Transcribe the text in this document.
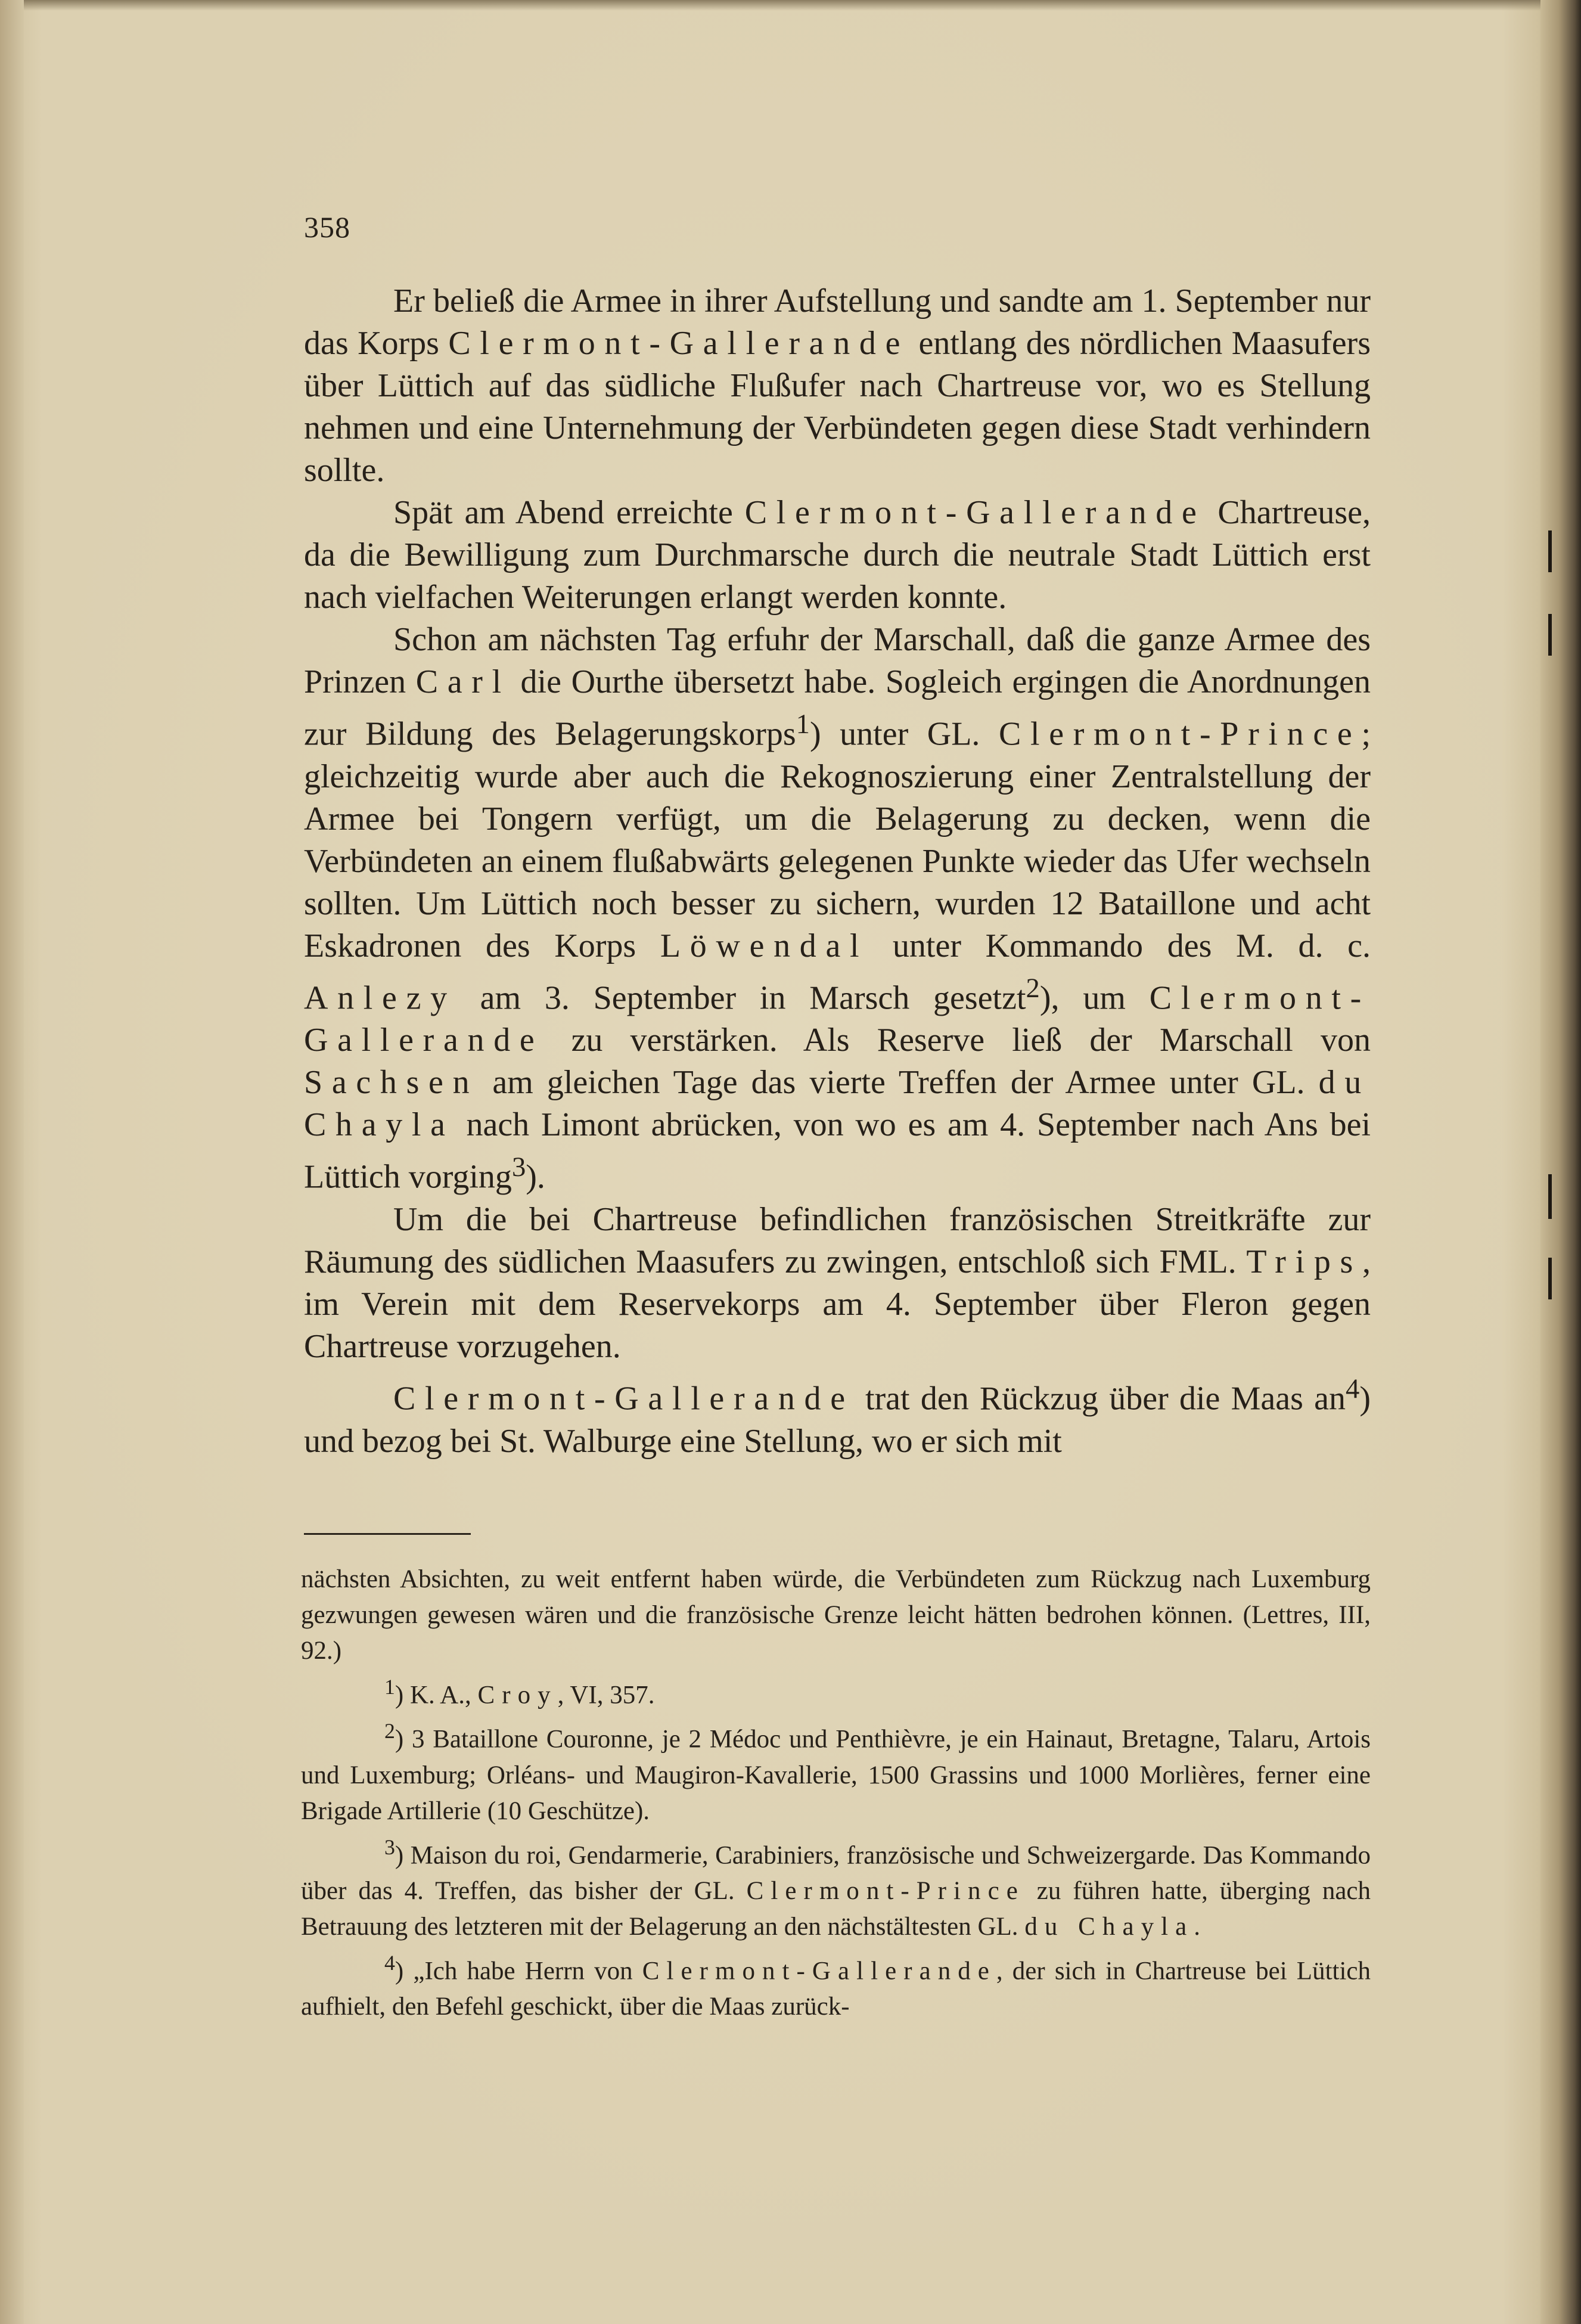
358

Er beließ die Armee in ihrer Aufstellung und sandte am 1. September nur das Korps Clermont-Gallerande entlang des nördlichen Maasufers über Lüttich auf das südliche Flußufer nach Chartreuse vor, wo es Stellung nehmen und eine Unternehmung der Verbündeten gegen diese Stadt verhindern sollte.

Spät am Abend erreichte Clermont-Gallerande Chartreuse, da die Bewilligung zum Durchmarsche durch die neutrale Stadt Lüttich erst nach vielfachen Weiterungen erlangt werden konnte.

Schon am nächsten Tag erfuhr der Marschall, daß die ganze Armee des Prinzen Carl die Ourthe übersetzt habe. Sogleich ergingen die Anordnungen zur Bildung des Belagerungskorps$^1$) unter GL. Clermont-Prince; gleichzeitig wurde aber auch die Rekognoszierung einer Zentralstellung der Armee bei Tongern verfügt, um die Belagerung zu decken, wenn die Verbündeten an einem flußabwärts gelegenen Punkte wieder das Ufer wechseln sollten. Um Lüttich noch besser zu sichern, wurden 12 Bataillone und acht Eskadronen des Korps Löwendal unter Kommando des M. d. c. Anlezy am 3. September in Marsch gesetzt$^2$), um Clermont-Gallerande zu verstärken. Als Reserve ließ der Marschall von Sachsen am gleichen Tage das vierte Treffen der Armee unter GL. du Chayla nach Limont abrücken, von wo es am 4. September nach Ans bei Lüttich vorging$^3$).

Um die bei Chartreuse befindlichen französischen Streitkräfte zur Räumung des südlichen Maasufers zu zwingen, entschloß sich FML. Trips, im Verein mit dem Reservekorps am 4. September über Fleron gegen Chartreuse vorzugehen.

Clermont-Gallerande trat den Rückzug über die Maas $an^4$) und bezog bei St. Walburge eine Stellung, wo er sich mit

nächsten Absichten, zu weit entfernt haben würde, die Verbündeten zum Rückzug nach Luxemburg gezwungen gewesen wären und die französische Grenze leicht hätten bedrohen können. (Lettres, III, 92.)

$^1$) K. A., Croy, VI, 357.

$^2$) 3 Bataillone Couronne, je 2 Médoc und Penthièvre, je ein Hainaut, Bretagne, Talaru, Artois und Luxemburg; Orléans- und Maugiron-Kavallerie, 1500 Grassins und 1000 Morlières, ferner eine Brigade Artillerie (10 Geschütze).

$^3$) Maison du roi, Gendarmerie, Carabiniers, französische und Schweizergarde. Das Kommando über das 4. Treffen, das bisher der GL. Clermont-Prince zu führen hatte, überging nach Betrauung des letzteren mit der Belagerung an den nächstältesten GL. du Chayla.

$^4$) „Ich habe Herrn von Clermont-Gallerande, der sich in Chartreuse bei Lüttich aufhielt, den Befehl geschickt, über die Maas zurück-
